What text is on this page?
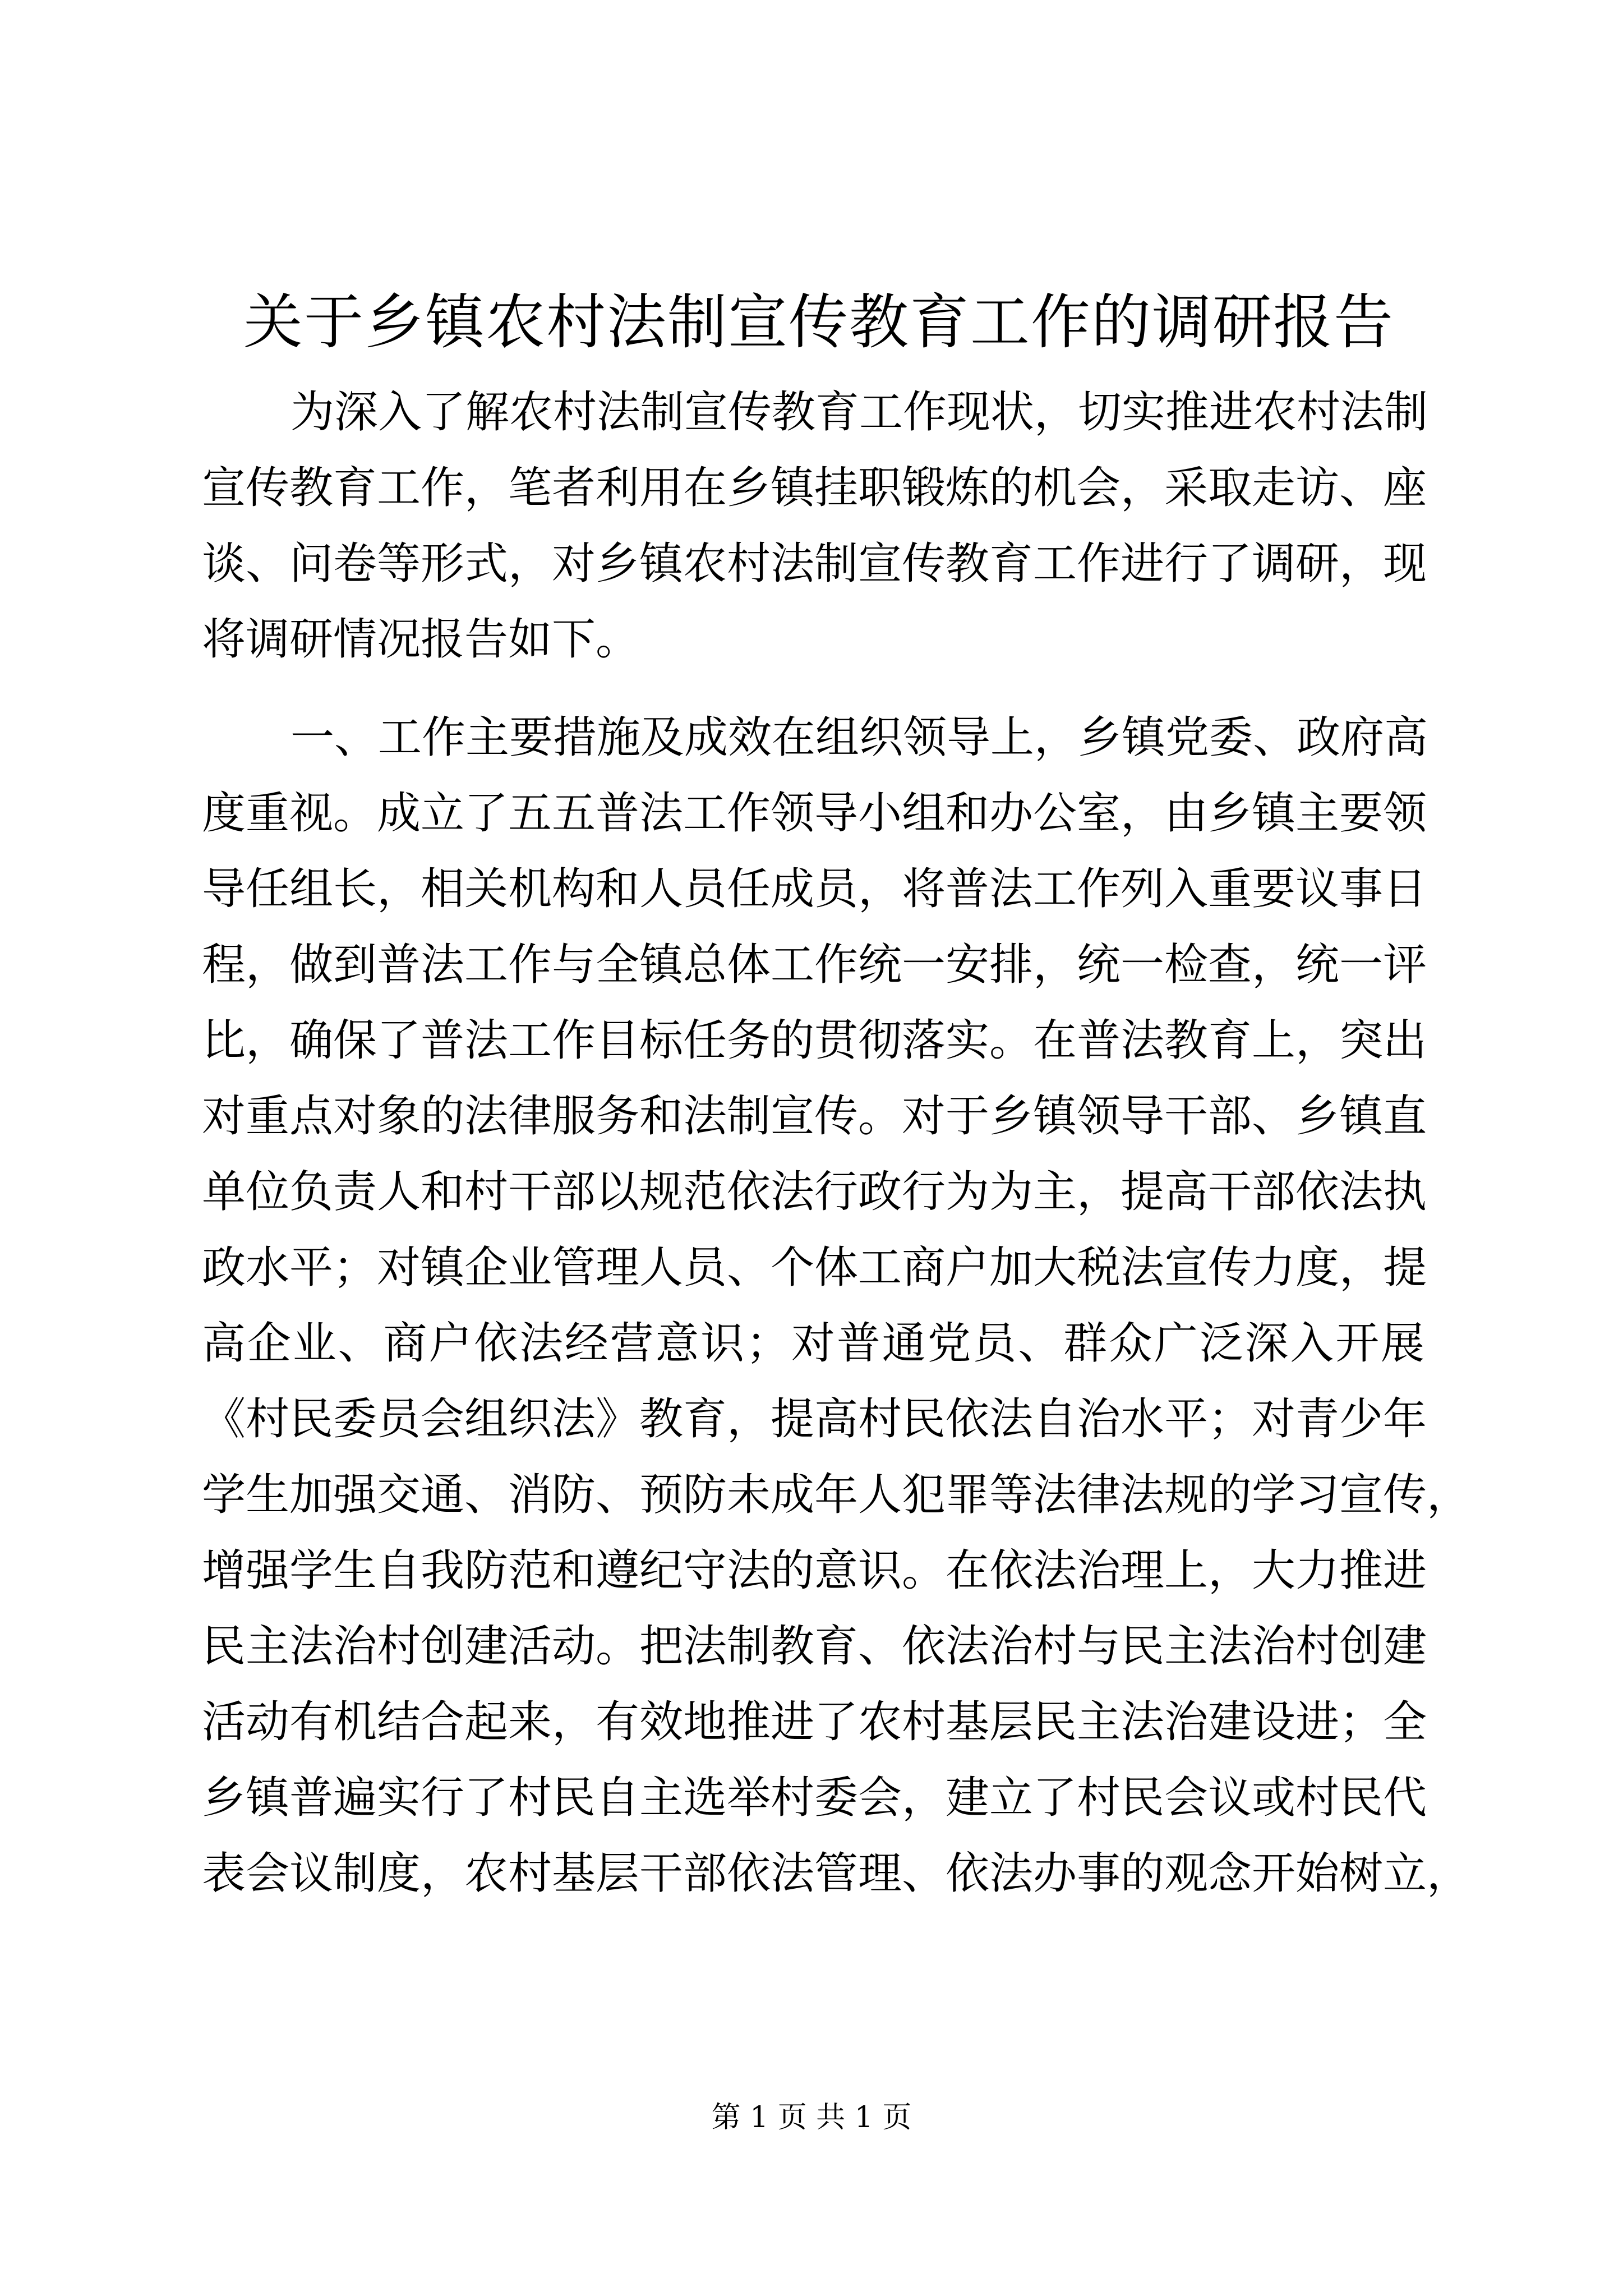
关于乡镇农村法制宣传教育工作的调研报告
为深入了解农村法制宣传教育工作现状，切实推进农村法制
宣传教育工作，笔者利用在乡镇挂职锻炼的机会，采取走访、座
谈、问卷等形式，对乡镇农村法制宣传教育工作进行了调研，现
将调研情况报告如下。
一、工作主要措施及成效在组织领导上，乡镇党委、政府高
度重视。成立了五五普法工作领导小组和办公室，由乡镇主要领
导任组长，相关机构和人员任成员，将普法工作列入重要议事日
程，做到普法工作与全镇总体工作统一安排，统一检查，统一评
比，确保了普法工作目标任务的贯彻落实。在普法教育上，突出
对重点对象的法律服务和法制宣传。对于乡镇领导干部、乡镇直
单位负责人和村干部以规范依法行政行为为主，提高干部依法执
政水平；对镇企业管理人员、个体工商户加大税法宣传力度，提
高企业、商户依法经营意识；对普通党员、群众广泛深入开展
《村民委员会组织法》教育，提高村民依法自治水平；对青少年
学生加强交通、消防、预防未成年人犯罪等法律法规的学习宣传，
增强学生自我防范和遵纪守法的意识。在依法治理上，大力推进
民主法治村创建活动。把法制教育、依法治村与民主法治村创建
活动有机结合起来，有效地推进了农村基层民主法治建设进；全
乡镇普遍实行了村民自主选举村委会，建立了村民会议或村民代
表会议制度，农村基层干部依法管理、依法办事的观念开始树立，
第 1 页 共 1 页
